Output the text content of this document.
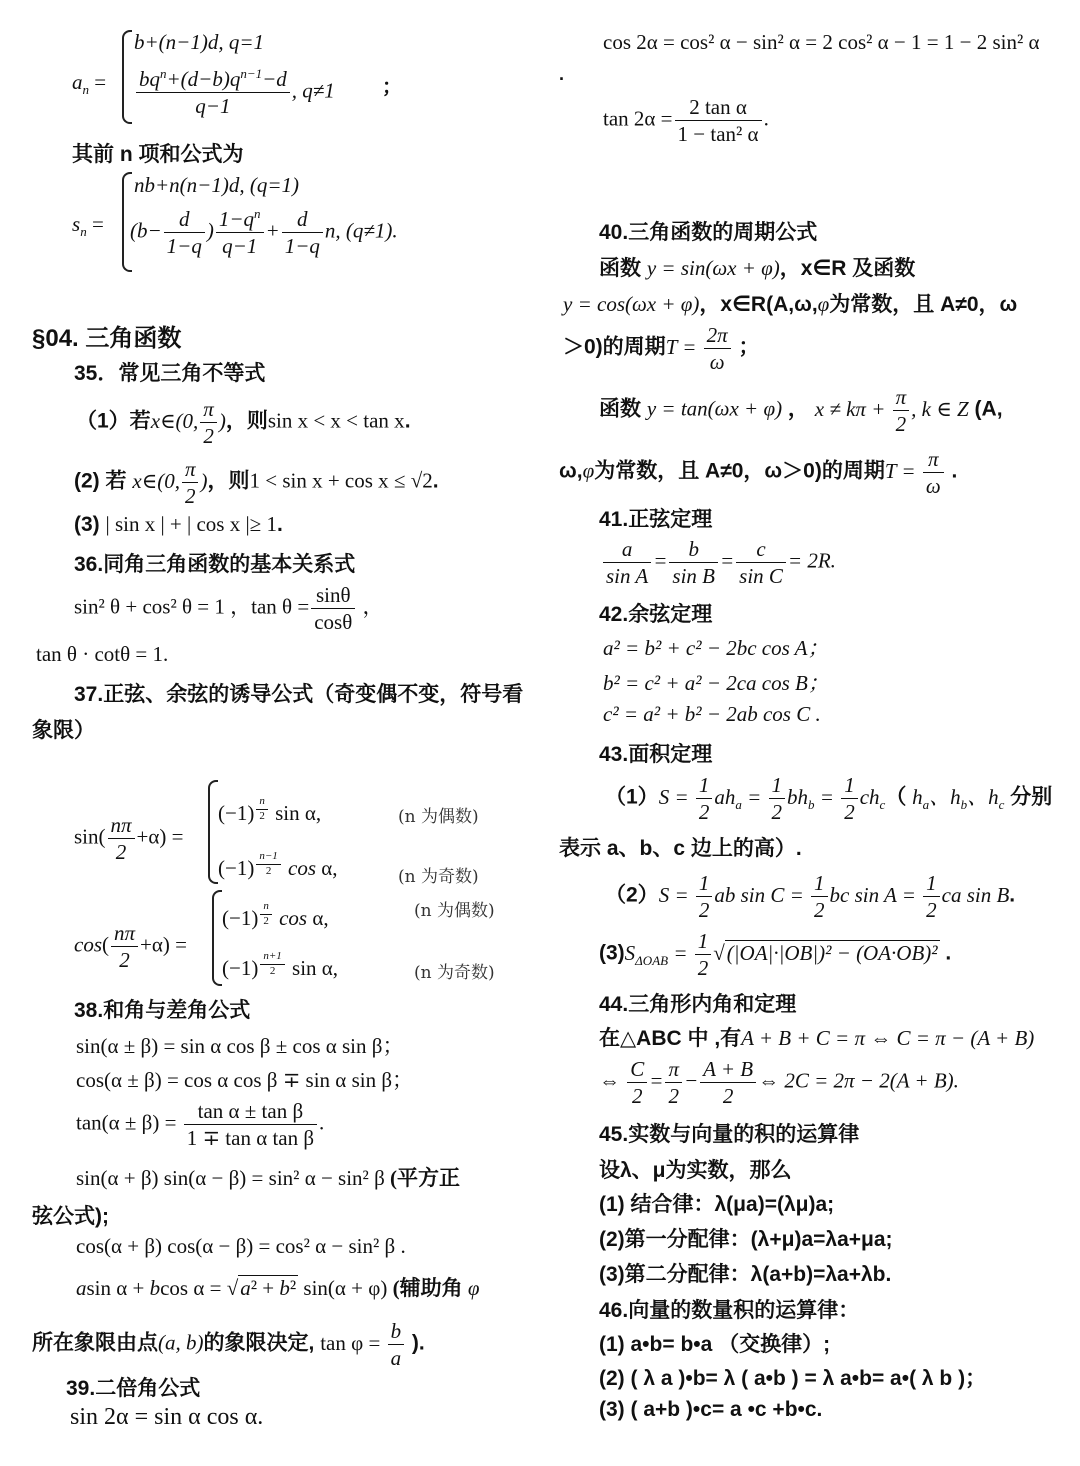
$a_n$ =
b+(n−1)d, q=1
$bq^n+(d-b)q^{n-1}-d$
q−1
, q≠1 ；
其前 n 项和公式为
$s_n$ =
nb+n(n−1)d, (q=1)
($b- \frac{d}{1-q}$ ) $\frac{1-q^n}{q-1} + \frac{d}{1-q} n$, (q≠1).
§04. 三角函数
35．常见三角不等式
（1）若x∈(0, $\frac{\pi}{2}$ )，则sin x < x < tan x.
(2) 若 x∈(0, $\frac{\pi}{2}$ )，则1 < sin x + cos x ≤ √2.
(3) | sin x | + | cos x |≥ 1.
36.同角三角函数的基本关系式
sin² θ + cos² θ = 1 ，$\tan \theta = \frac{\sin\theta}{\cos\theta}$ ，
tan θ · cotθ = 1.
37.正弦、余弦的诱导公式（奇变偶不变，符号看
象限）
$\sin( \frac{n\pi}{2} +\alpha)$ =
(−1) $^{\frac{n}{2}}$ sin α,
(−1) $^{\frac{n-1}{2}}$ cos α,
(n 为偶数)
(n 为奇数)
$\cos( \frac{n\pi}{2} +\alpha)$ =
(−1) $^{\frac{n}{2}}$ cos α,
(−1) $^{\frac{n+1}{2}}$ sin α,
(n 为偶数)
(n 为奇数)
38.和角与差角公式
sin(α ± β) = sin α cos β ± cos α sin β；
cos(α ± β) = cos α cos β ∓ sin α sin β；
$\tan(\alpha \pm \beta) = \frac{\text{tan α ± tan β}}{\text{1 ∓ tan α tan β}}$ .
sin(α + β) sin(α − β) = sin² α − sin² β (平方正
弦公式);
cos(α + β) cos(α − β) = cos² α − sin² β .
asin α + bcos α = √a² + b² sin(α + φ) (辅助角 φ
所在象限由点(a, b)的象限决定, $\tan \varphi = \frac{b}{a}$ ).
39.二倍角公式
sin 2α = sin α cos α.
cos 2α = cos² α − sin² α = 2 cos² α − 1 = 1 − 2 sin² α
.
$\tan 2\alpha = \frac{\text{2 tan α}}{\text{1 − tan² α}}$ .
40.三角函数的周期公式
函数 y = sin(ωx + φ)，x∈R 及函数
y = cos(ωx + φ)，x∈R(A,ω,φ为常数，且 A≠0，ω
＞0)的周期$T = \frac{2\pi}{\omega}$ ；
函数 y = tan(ωx + φ) ， $x \ne k\pi + \frac{\pi}{2}$ , k ∈ Z (A,
ω,φ为常数，且 A≠0，ω＞0)的周期$T = \frac{\pi}{\omega}$ .
41.正弦定理
$\frac{a}{\text{sin A}} = \frac{b}{\text{sin B}} = \frac{c}{\text{sin C}} = 2R$.
42.余弦定理
a² = b² + c² − 2bc cos A；
b² = c² + a² − 2ca cos B；
c² = a² + b² − 2ab cos C .
43.面积定理
$(1)S = \frac{1}{2} ah_a = \frac{1}{2} bh_b = \frac{1}{2} ch_c$（ $h_a$、$h_b$、$h_c$ 分别
表示 a、b、c 边上的高）.
$(2)S = \frac{1}{2}$ ab $\sin C = \frac{1}{2}$ bc $\sin A = \frac{1}{2}$ ca sin B.
$(3)S_{\Delta OAB} = \frac{1}{2} √(|OA|\cdot|OB|)^2 - (OA\cdot OB)^2$ .
44.三角形内角和定理
在△ABC 中 ,有A + B + C = π ⇔ C = π − (A + B)
⇔ $\frac{C}{2} = \frac{\pi}{2} - \frac{A + B}{2}$ ⇔ 2C = 2π − 2(A + B).
45.实数与向量的积的运算律
设λ、μ为实数，那么
(1) 结合律：λ(μa)=(λμ)a;
(2)第一分配律：(λ+μ)a=λa+μa;
(3)第二分配律：λ(a+b)=λa+λb.
46.向量的数量积的运算律：
(1) a•b= b•a （交换律）;
(2) ( λ a )•b= λ ( a•b ) = λ a•b= a•( λ b )；
(3) ( a+b )•c= a •c +b•c.
